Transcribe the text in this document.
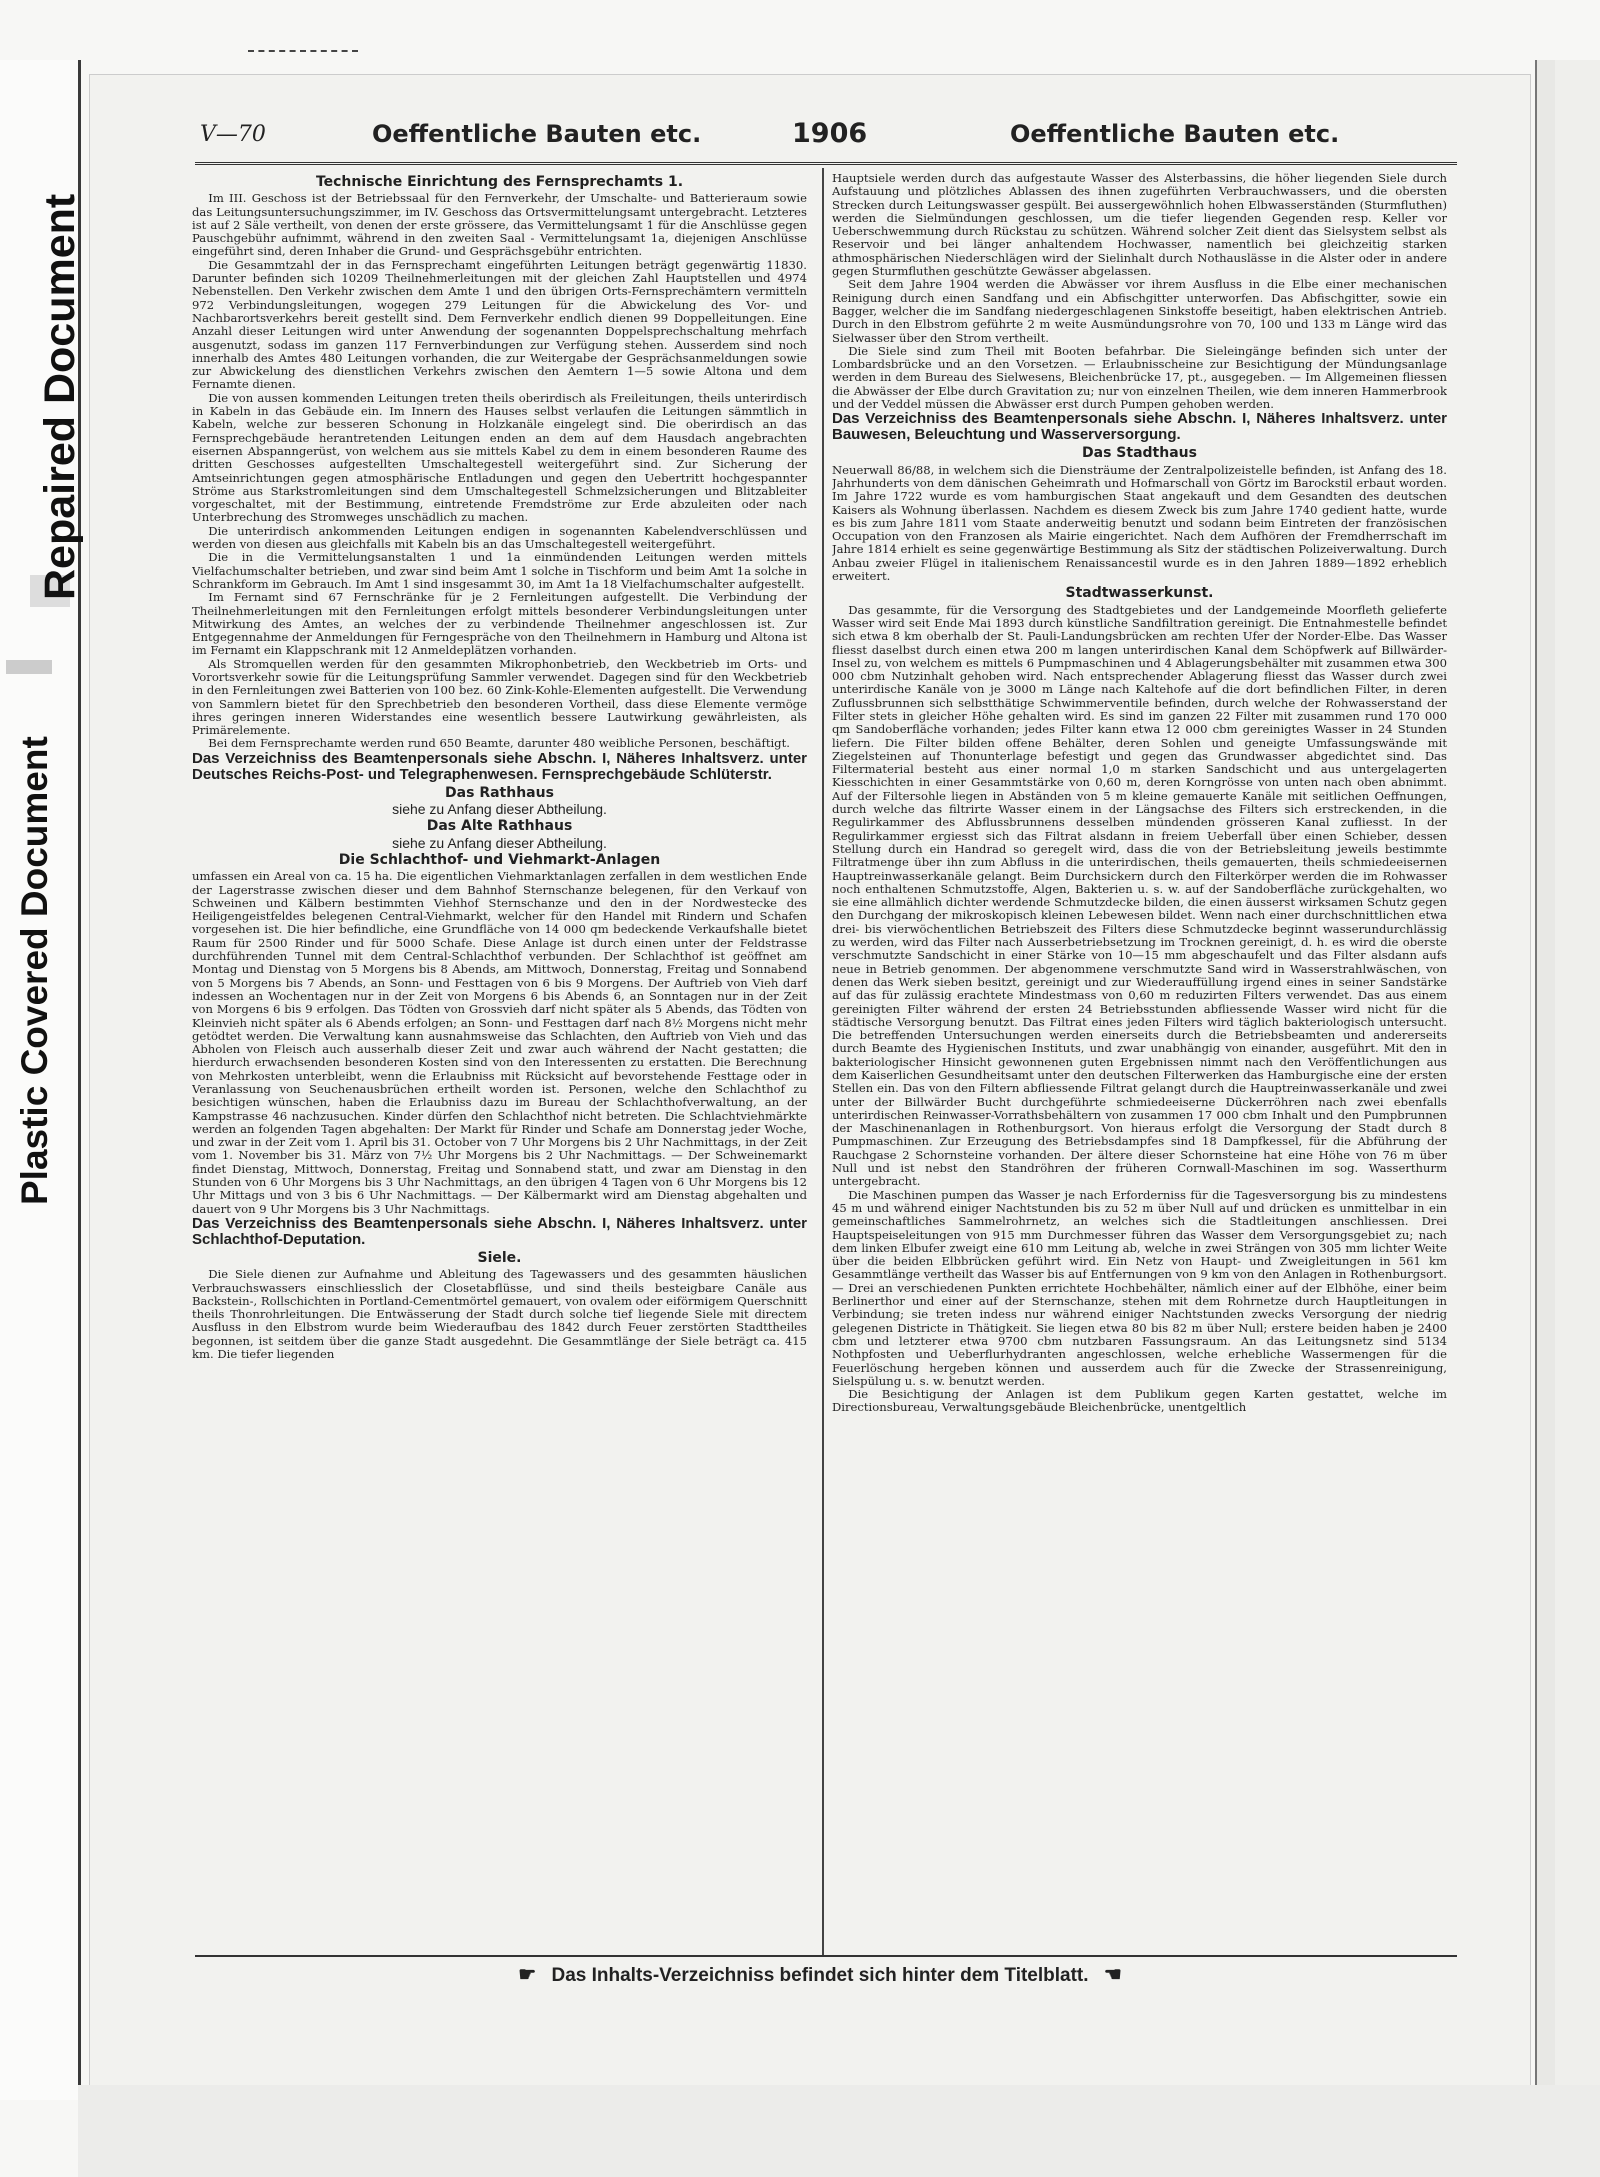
Repaired Document
Plastic Covered Document
V—70	Oeffentliche Bauten etc.	1906	Oeffentliche Bauten etc.
Technische Einrichtung des Fernsprechamts 1.

Im III. Geschoss ist der Betriebssaal für den Fernverkehr, der Umschalte- und Batterieraum sowie das Leitungsuntersuchungszimmer, im IV. Geschoss das Ortsvermittelungsamt untergebracht. Letzteres ist auf 2 Säle vertheilt, von denen der erste grössere, das Vermittelungsamt 1 für die Anschlüsse gegen Pauschgebühr aufnimmt, während in den zweiten Saal - Vermittelungsamt 1a, diejenigen Anschlüsse eingeführt sind, deren Inhaber die Grund- und Gesprächsgebühr entrichten.

Die Gesammtzahl der in das Fernsprechamt eingeführten Leitungen beträgt gegenwärtig 11830. Darunter befinden sich 10209 Theilnehmerleitungen mit der gleichen Zahl Hauptstellen und 4974 Nebenstellen. Den Verkehr zwischen dem Amte 1 und den übrigen Orts-Fernsprechämtern vermitteln 972 Verbindungsleitungen, wogegen 279 Leitungen für die Abwickelung des Vor- und Nachbarortsverkehrs bereit gestellt sind. Dem Fernverkehr endlich dienen 99 Doppelleitungen. Eine Anzahl dieser Leitungen wird unter Anwendung der sogenannten Doppelsprechschaltung mehrfach ausgenutzt, sodass im ganzen 117 Fernverbindungen zur Verfügung stehen. Ausserdem sind noch innerhalb des Amtes 480 Leitungen vorhanden, die zur Weitergabe der Gesprächsanmeldungen sowie zur Abwickelung des dienstlichen Verkehrs zwischen den Aemtern 1—5 sowie Altona und dem Fernamte dienen.

Die von aussen kommenden Leitungen treten theils oberirdisch als Freileitungen, theils unterirdisch in Kabeln in das Gebäude ein. Im Innern des Hauses selbst verlaufen die Leitungen sämmtlich in Kabeln, welche zur besseren Schonung in Holzkanäle eingelegt sind. Die oberirdisch an das Fernsprechgebäude herantretenden Leitungen enden an dem auf dem Hausdach angebrachten eisernen Abspanngerüst, von welchem aus sie mittels Kabel zu dem in einem besonderen Raume des dritten Geschosses aufgestellten Umschaltegestell weitergeführt sind. Zur Sicherung der Amtseinrichtungen gegen atmosphärische Entladungen und gegen den Uebertritt hochgespannter Ströme aus Starkstromleitungen sind dem Umschaltegestell Schmelzsicherungen und Blitzableiter vorgeschaltet, mit der Bestimmung, eintretende Fremdströme zur Erde abzuleiten oder nach Unterbrechung des Stromweges unschädlich zu machen.

Die unterirdisch ankommenden Leitungen endigen in sogenannten Kabelendverschlüssen und werden von diesen aus gleichfalls mit Kabeln bis an das Umschaltegestell weitergeführt.

Die in die Vermittelungsanstalten 1 und 1a einmündenden Leitungen werden mittels Vielfachumschalter betrieben, und zwar sind beim Amt 1 solche in Tischform und beim Amt 1a solche in Schrankform im Gebrauch. Im Amt 1 sind insgesammt 30, im Amt 1a 18 Vielfachumschalter aufgestellt.

Im Fernamt sind 67 Fernschränke für je 2 Fernleitungen aufgestellt. Die Verbindung der Theilnehmerleitungen mit den Fernleitungen erfolgt mittels besonderer Verbindungsleitungen unter Mitwirkung des Amtes, an welches der zu verbindende Theilnehmer angeschlossen ist. Zur Entgegennahme der Anmeldungen für Ferngespräche von den Theilnehmern in Hamburg und Altona ist im Fernamt ein Klappschrank mit 12 Anmeldeplätzen vorhanden.

Als Stromquellen werden für den gesammten Mikrophonbetrieb, den Weckbetrieb im Orts- und Vorortsverkehr sowie für die Leitungsprüfung Sammler verwendet. Dagegen sind für den Weckbetrieb in den Fernleitungen zwei Batterien von 100 bez. 60 Zink-Kohle-Elementen aufgestellt. Die Verwendung von Sammlern bietet für den Sprechbetrieb den besonderen Vortheil, dass diese Elemente vermöge ihres geringen inneren Widerstandes eine wesentlich bessere Lautwirkung gewährleisten, als Primärelemente.

Bei dem Fernsprechamte werden rund 650 Beamte, darunter 480 weibliche Personen, beschäftigt.

Das Verzeichniss des Beamtenpersonals siehe Abschn. I, Näheres Inhaltsverz. unter Deutsches Reichs-Post- und Telegraphenwesen. Fernsprechgebäude Schlüterstr.

Das Rathhaus
siehe zu Anfang dieser Abtheilung.
Das Alte Rathhaus
siehe zu Anfang dieser Abtheilung.
Die Schlachthof- und Viehmarkt-Anlagen

umfassen ein Areal von ca. 15 ha. Die eigentlichen Viehmarktanlagen zerfallen in dem westlichen Ende der Lagerstrasse zwischen dieser und dem Bahnhof Sternschanze belegenen, für den Verkauf von Schweinen und Kälbern bestimmten Viehhof Sternschanze und den in der Nordwestecke des Heiligengeistfeldes belegenen Central-Viehmarkt, welcher für den Handel mit Rindern und Schafen vorgesehen ist. Die hier befindliche, eine Grundfläche von 14 000 qm bedeckende Verkaufshalle bietet Raum für 2500 Rinder und für 5000 Schafe. Diese Anlage ist durch einen unter der Feldstrasse durchführenden Tunnel mit dem Central-Schlachthof verbunden. Der Schlachthof ist geöffnet am Montag und Dienstag von 5 Morgens bis 8 Abends, am Mittwoch, Donnerstag, Freitag und Sonnabend von 5 Morgens bis 7 Abends, an Sonn- und Festtagen von 6 bis 9 Morgens. Der Auftrieb von Vieh darf indessen an Wochentagen nur in der Zeit von Morgens 6 bis Abends 6, an Sonntagen nur in der Zeit von Morgens 6 bis 9 erfolgen. Das Tödten von Grossvieh darf nicht später als 5 Abends, das Tödten von Kleinvieh nicht später als 6 Abends erfolgen; an Sonn- und Festtagen darf nach 8½ Morgens nicht mehr getödtet werden. Die Verwaltung kann ausnahmsweise das Schlachten, den Auftrieb von Vieh und das Abholen von Fleisch auch ausserhalb dieser Zeit und zwar auch während der Nacht gestatten; die hierdurch erwachsenden besonderen Kosten sind von den Interessenten zu erstatten. Die Berechnung von Mehrkosten unterbleibt, wenn die Erlaubniss mit Rücksicht auf bevorstehende Festtage oder in Veranlassung von Seuchenausbrüchen ertheilt worden ist. Personen, welche den Schlachthof zu besichtigen wünschen, haben die Erlaubniss dazu im Bureau der Schlachthofverwaltung, an der Kampstrasse 46 nachzusuchen. Kinder dürfen den Schlachthof nicht betreten. Die Schlachtviehmärkte werden an folgenden Tagen abgehalten: Der Markt für Rinder und Schafe am Donnerstag jeder Woche, und zwar in der Zeit vom 1. April bis 31. October von 7 Uhr Morgens bis 2 Uhr Nachmittags, in der Zeit vom 1. November bis 31. März von 7½ Uhr Morgens bis 2 Uhr Nachmittags. — Der Schweinemarkt findet Dienstag, Mittwoch, Donnerstag, Freitag und Sonnabend statt, und zwar am Dienstag in den Stunden von 6 Uhr Morgens bis 3 Uhr Nachmittags, an den übrigen 4 Tagen von 6 Uhr Morgens bis 12 Uhr Mittags und von 3 bis 6 Uhr Nachmittags. — Der Kälbermarkt wird am Dienstag abgehalten und dauert von 9 Uhr Morgens bis 3 Uhr Nachmittags.

Das Verzeichniss des Beamtenpersonals siehe Abschn. I, Näheres Inhaltsverz. unter Schlachthof-Deputation.

Siele.

Die Siele dienen zur Aufnahme und Ableitung des Tagewassers und des gesammten häuslichen Verbrauchswassers einschliesslich der Closetabflüsse, und sind theils besteigbare Canäle aus Backstein-, Rollschichten in Portland-Cementmörtel gemauert, von ovalem oder eiförmigem Querschnitt theils Thonrohrleitungen. Die Entwässerung der Stadt durch solche tief liegende Siele mit directem Ausfluss in den Elbstrom wurde beim Wiederaufbau des 1842 durch Feuer zerstörten Stadttheiles begonnen, ist seitdem über die ganze Stadt ausgedehnt. Die Gesammtlänge der Siele beträgt ca. 415 km. Die tiefer liegenden

Hauptsiele werden durch das aufgestaute Wasser des Alsterbassins, die höher liegenden Siele durch Aufstauung und plötzliches Ablassen des ihnen zugeführten Verbrauchwassers, und die obersten Strecken durch Leitungswasser gespült. Bei aussergewöhnlich hohen Elbwasserständen (Sturmfluthen) werden die Sielmündungen geschlossen, um die tiefer liegenden Gegenden resp. Keller vor Ueberschwemmung durch Rückstau zu schützen. Während solcher Zeit dient das Sielsystem selbst als Reservoir und bei länger anhaltendem Hochwasser, namentlich bei gleichzeitig starken athmosphärischen Niederschlägen wird der Sielinhalt durch Nothauslässe in die Alster oder in andere gegen Sturmfluthen geschützte Gewässer abgelassen.

Seit dem Jahre 1904 werden die Abwässer vor ihrem Ausfluss in die Elbe einer mechanischen Reinigung durch einen Sandfang und ein Abfischgitter unterworfen. Das Abfischgitter, sowie ein Bagger, welcher die im Sandfang niedergeschlagenen Sinkstoffe beseitigt, haben elektrischen Antrieb. Durch in den Elbstrom geführte 2 m weite Ausmündungsrohre von 70, 100 und 133 m Länge wird das Sielwasser über den Strom vertheilt.

Die Siele sind zum Theil mit Booten befahrbar. Die Sieleingänge befinden sich unter der Lombardsbrücke und an den Vorsetzen. — Erlaubnisscheine zur Besichtigung der Mündungsanlage werden in dem Bureau des Sielwesens, Bleichenbrücke 17, pt., ausgegeben. — Im Allgemeinen fliessen die Abwässer der Elbe durch Gravitation zu; nur von einzelnen Theilen, wie dem inneren Hammerbrook und der Veddel müssen die Abwässer erst durch Pumpen gehoben werden.

Das Verzeichniss des Beamtenpersonals siehe Abschn. I, Näheres Inhaltsverz. unter Bauwesen, Beleuchtung und Wasserversorgung.

Das Stadthaus

Neuerwall 86/88, in welchem sich die Diensträume der Zentralpolizeistelle befinden, ist Anfang des 18. Jahrhunderts von dem dänischen Geheimrath und Hofmarschall von Görtz im Barockstil erbaut worden. Im Jahre 1722 wurde es vom hamburgischen Staat angekauft und dem Gesandten des deutschen Kaisers als Wohnung überlassen. Nachdem es diesem Zweck bis zum Jahre 1740 gedient hatte, wurde es bis zum Jahre 1811 vom Staate anderweitig benutzt und sodann beim Eintreten der französischen Occupation von den Franzosen als Mairie eingerichtet. Nach dem Aufhören der Fremdherrschaft im Jahre 1814 erhielt es seine gegenwärtige Bestimmung als Sitz der städtischen Polizeiverwaltung. Durch Anbau zweier Flügel in italienischem Renaissancestil wurde es in den Jahren 1889—1892 erheblich erweitert.

Stadtwasserkunst.

Das gesammte, für die Versorgung des Stadtgebietes und der Landgemeinde Moorfleth gelieferte Wasser wird seit Ende Mai 1893 durch künstliche Sandfiltration gereinigt. Die Entnahmestelle befindet sich etwa 8 km oberhalb der St. Pauli-Landungsbrücken am rechten Ufer der Norder-Elbe. Das Wasser fliesst daselbst durch einen etwa 200 m langen unterirdischen Kanal dem Schöpfwerk auf Billwärder-Insel zu, von welchem es mittels 6 Pumpmaschinen und 4 Ablagerungsbehälter mit zusammen etwa 300 000 cbm Nutzinhalt gehoben wird. Nach entsprechender Ablagerung fliesst das Wasser durch zwei unterirdische Kanäle von je 3000 m Länge nach Kaltehofe auf die dort befindlichen Filter, in deren Zuflussbrunnen sich selbstthätige Schwimmerventile befinden, durch welche der Rohwasserstand der Filter stets in gleicher Höhe gehalten wird. Es sind im ganzen 22 Filter mit zusammen rund 170 000 qm Sandoberfläche vorhanden; jedes Filter kann etwa 12 000 cbm gereinigtes Wasser in 24 Stunden liefern. Die Filter bilden offene Behälter, deren Sohlen und geneigte Umfassungswände mit Ziegelsteinen auf Thonunterlage befestigt und gegen das Grundwasser abgedichtet sind. Das Filtermaterial besteht aus einer normal 1,0 m starken Sandschicht und aus untergelagerten Kiesschichten in einer Gesammtstärke von 0,60 m, deren Korngrösse von unten nach oben abnimmt. Auf der Filtersohle liegen in Abständen von 5 m kleine gemauerte Kanäle mit seitlichen Oeffnungen, durch welche das filtrirte Wasser einem in der Längsachse des Filters sich erstreckenden, in die Regulirkammer des Abflussbrunnens desselben mündenden grösseren Kanal zufliesst. In der Regulirkammer ergiesst sich das Filtrat alsdann in freiem Ueberfall über einen Schieber, dessen Stellung durch ein Handrad so geregelt wird, dass die von der Betriebsleitung jeweils bestimmte Filtratmenge über ihn zum Abfluss in die unterirdischen, theils gemauerten, theils schmiedeeisernen Hauptreinwasserkanäle gelangt. Beim Durchsickern durch den Filterkörper werden die im Rohwasser noch enthaltenen Schmutzstoffe, Algen, Bakterien u. s. w. auf der Sandoberfläche zurückgehalten, wo sie eine allmählich dichter werdende Schmutzdecke bilden, die einen äusserst wirksamen Schutz gegen den Durchgang der mikroskopisch kleinen Lebewesen bildet. Wenn nach einer durchschnittlichen etwa drei- bis vierwöchentlichen Betriebszeit des Filters diese Schmutzdecke beginnt wasserundurchlässig zu werden, wird das Filter nach Ausserbetriebsetzung im Trocknen gereinigt, d. h. es wird die oberste verschmutzte Sandschicht in einer Stärke von 10—15 mm abgeschaufelt und das Filter alsdann aufs neue in Betrieb genommen. Der abgenommene verschmutzte Sand wird in Wasserstrahlwäschen, von denen das Werk sieben besitzt, gereinigt und zur Wiederauffüllung irgend eines in seiner Sandstärke auf das für zulässig erachtete Mindestmass von 0,60 m reduzirten Filters verwendet. Das aus einem gereinigten Filter während der ersten 24 Betriebsstunden abfliessende Wasser wird nicht für die städtische Versorgung benutzt. Das Filtrat eines jeden Filters wird täglich bakteriologisch untersucht. Die betreffenden Untersuchungen werden einerseits durch die Betriebsbeamten und andererseits durch Beamte des Hygienischen Instituts, und zwar unabhängig von einander, ausgeführt. Mit den in bakteriologischer Hinsicht gewonnenen guten Ergebnissen nimmt nach den Veröffentlichungen aus dem Kaiserlichen Gesundheitsamt unter den deutschen Filterwerken das Hamburgische eine der ersten Stellen ein. Das von den Filtern abfliessende Filtrat gelangt durch die Hauptreinwasserkanäle und zwei unter der Billwärder Bucht durchgeführte schmiedeeiserne Dückerröhren nach zwei ebenfalls unterirdischen Reinwasser-Vorrathsbehältern von zusammen 17 000 cbm Inhalt und den Pumpbrunnen der Maschinenanlagen in Rothenburgsort. Von hieraus erfolgt die Versorgung der Stadt durch 8 Pumpmaschinen. Zur Erzeugung des Betriebsdampfes sind 18 Dampfkessel, für die Abführung der Rauchgase 2 Schornsteine vorhanden. Der ältere dieser Schornsteine hat eine Höhe von 76 m über Null und ist nebst den Standröhren der früheren Cornwall-Maschinen im sog. Wasserthurm untergebracht.

Die Maschinen pumpen das Wasser je nach Erforderniss für die Tagesversorgung bis zu mindestens 45 m und während einiger Nachtstunden bis zu 52 m über Null auf und drücken es unmittelbar in ein gemeinschaftliches Sammelrohrnetz, an welches sich die Stadtleitungen anschliessen. Drei Hauptspeiseleitungen von 915 mm Durchmesser führen das Wasser dem Versorgungsgebiet zu; nach dem linken Elbufer zweigt eine 610 mm Leitung ab, welche in zwei Strängen von 305 mm lichter Weite über die beiden Elbbrücken geführt wird. Ein Netz von Haupt- und Zweigleitungen in 561 km Gesammtlänge vertheilt das Wasser bis auf Entfernungen von 9 km von den Anlagen in Rothenburgsort. — Drei an verschiedenen Punkten errichtete Hochbehälter, nämlich einer auf der Elbhöhe, einer beim Berlinerthor und einer auf der Sternschanze, stehen mit dem Rohrnetze durch Hauptleitungen in Verbindung; sie treten indess nur während einiger Nachtstunden zwecks Versorgung der niedrig gelegenen Districte in Thätigkeit. Sie liegen etwa 80 bis 82 m über Null; erstere beiden haben je 2400 cbm und letzterer etwa 9700 cbm nutzbaren Fassungsraum. An das Leitungsnetz sind 5134 Nothpfosten und Ueberflurhydranten angeschlossen, welche erhebliche Wassermengen für die Feuerlöschung hergeben können und ausserdem auch für die Zwecke der Strassenreinigung, Sielspülung u. s. w. benutzt werden.

Die Besichtigung der Anlagen ist dem Publikum gegen Karten gestattet, welche im Directionsbureau, Verwaltungsgebäude Bleichenbrücke, unentgeltlich

☛ Das Inhalts-Verzeichniss befindet sich hinter dem Titelblatt. ☚
